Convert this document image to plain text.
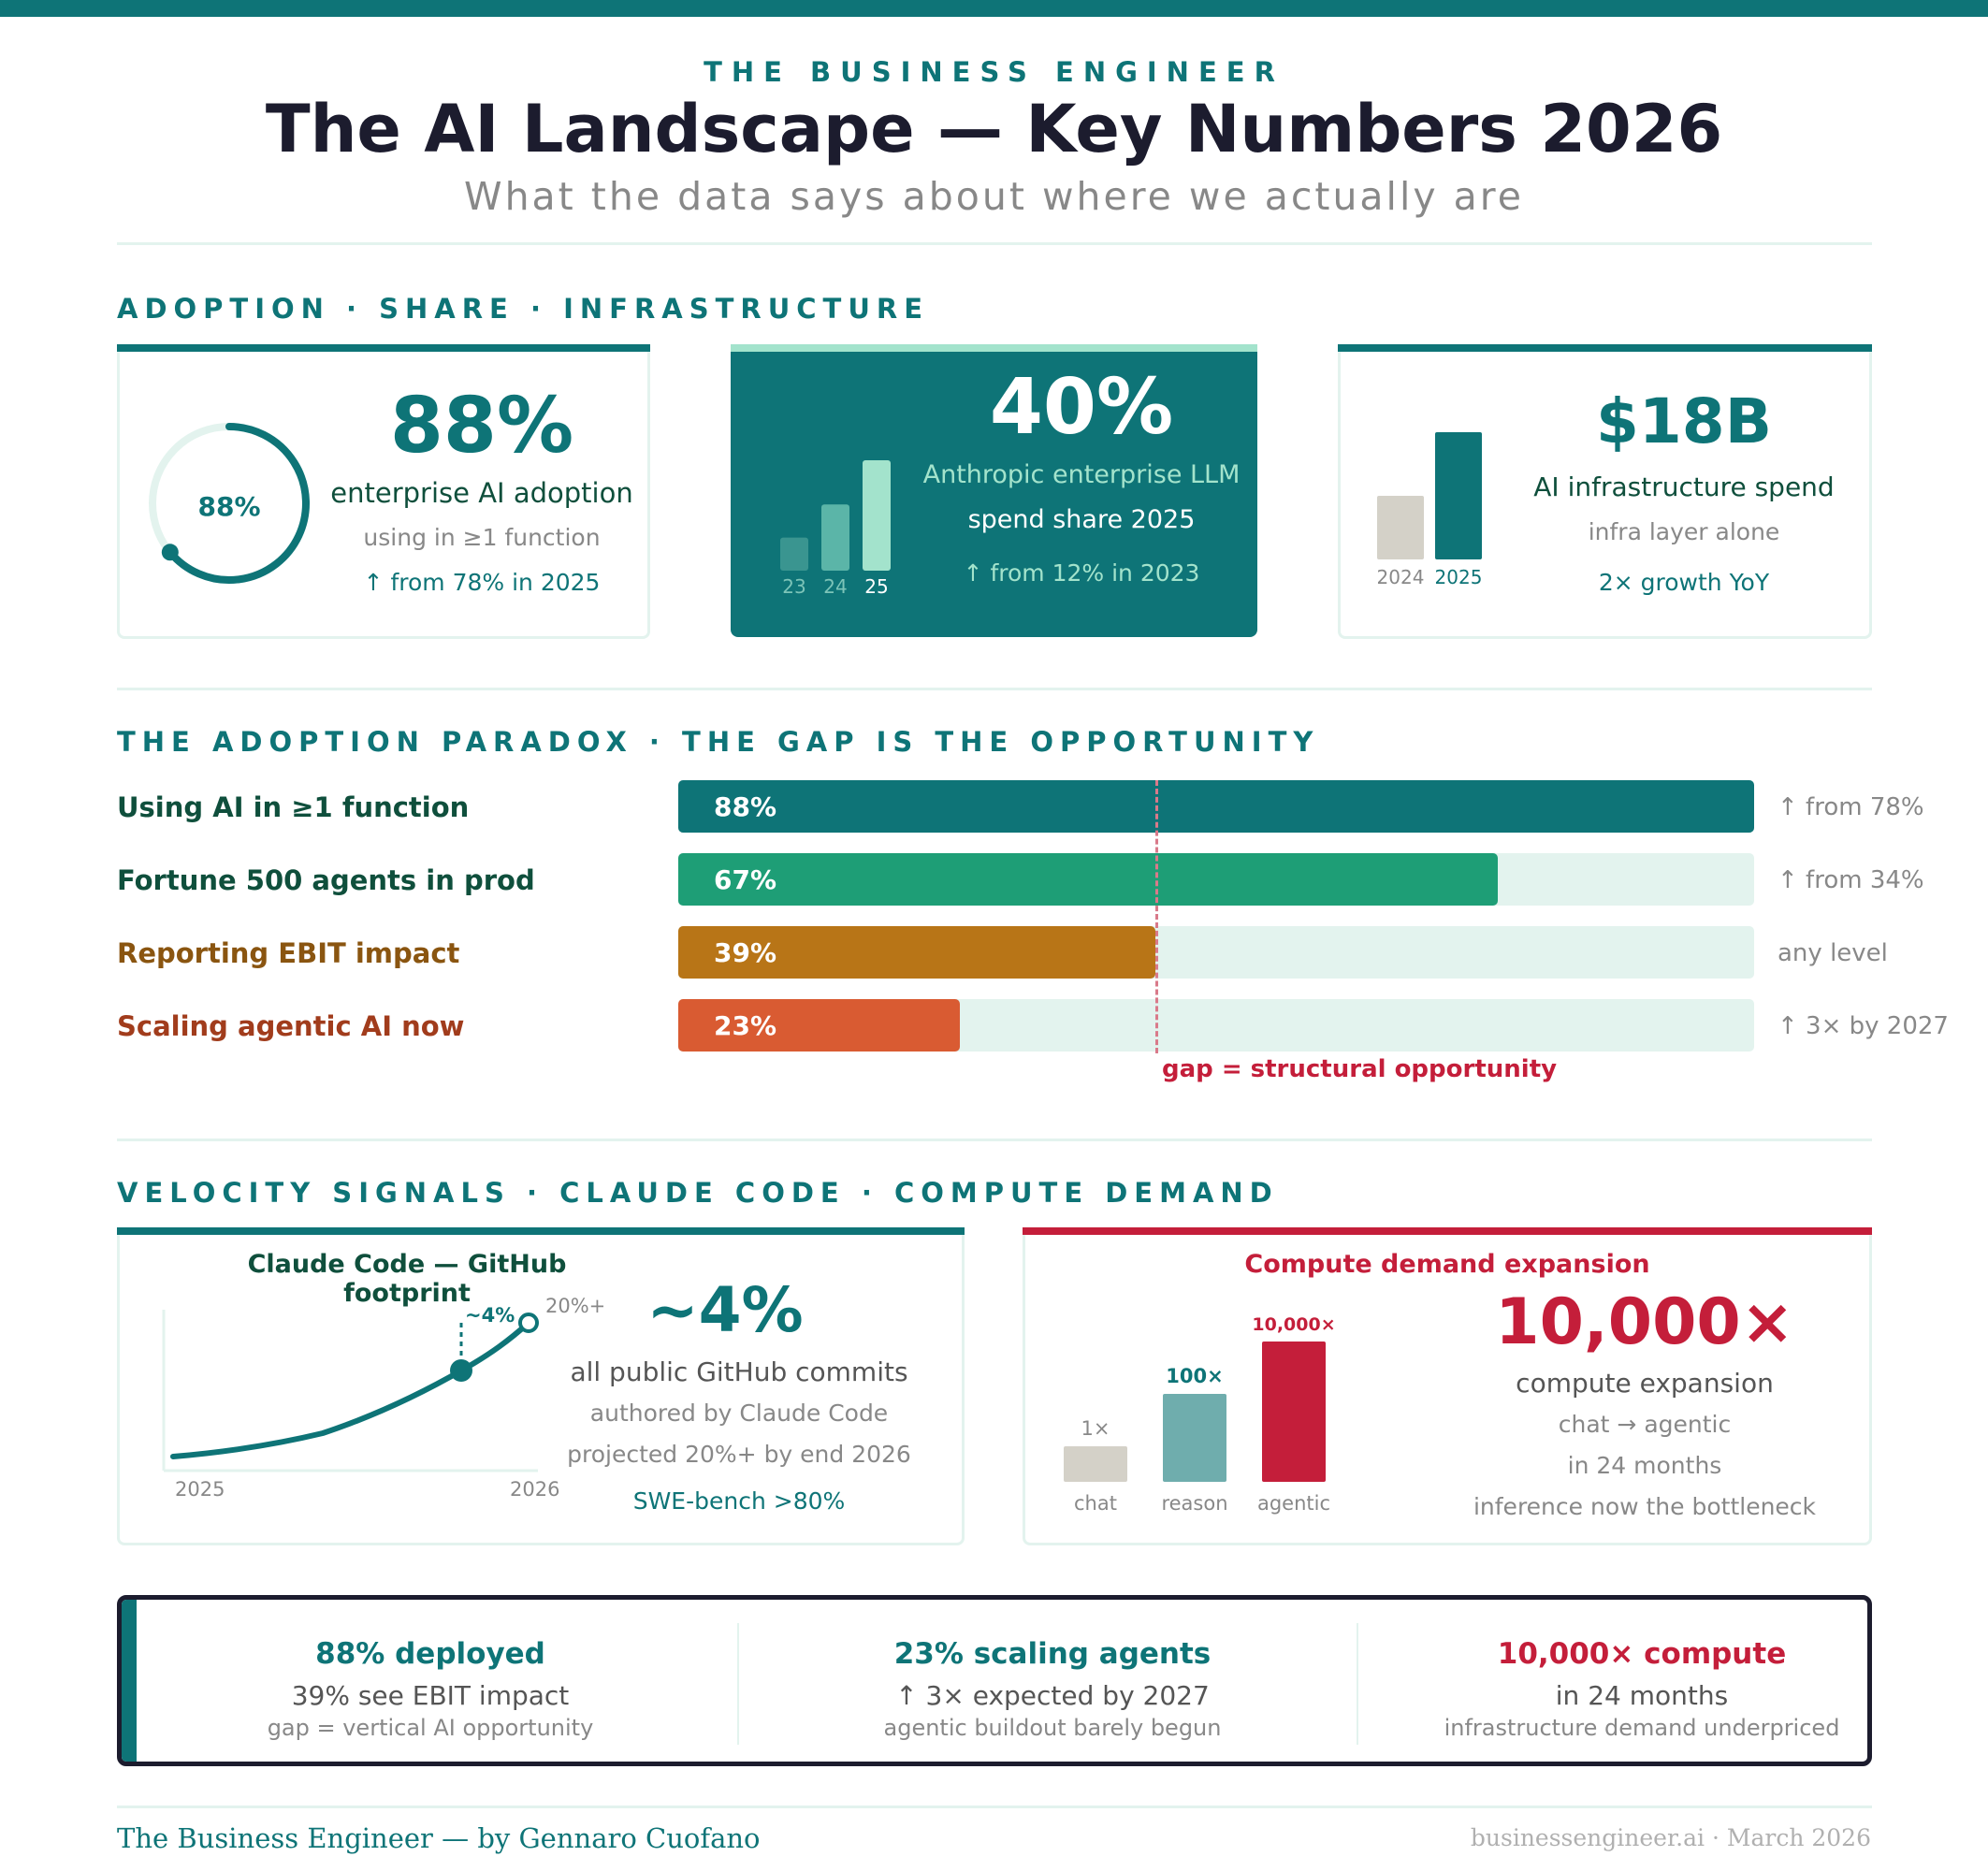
THE BUSINESS ENGINEER
The AI Landscape — Key Numbers 2026
What the data says about where we actually are
ADOPTION · SHARE · INFRASTRUCTURE
88%
88%
enterprise AI adoption
using in ≥1 function
↑ from 78% in 2025	23 24 25
40%
Anthropic enterprise LLM
spend share 2025
↑ from 12% in 2023	2024 2025
$18B
AI infrastructure spend
infra layer alone
2× growth YoY
THE ADOPTION PARADOX · THE GAP IS THE OPPORTUNITY
Using AI in ≥1 function	88%	↑ from 78%
Fortune 500 agents in prod	67%	↑ from 34%
Reporting EBIT impact	39%	any level
Scaling agentic AI now	23%	↑ 3× by 2027
gap = structural opportunity
VELOCITY SIGNALS · CLAUDE CODE · COMPUTE DEMAND
Claude Code — GitHub footprint
~4% 20%+
2025	2026
~4%
all public GitHub commits
authored by Claude Code
projected 20%+ by end 2026
SWE-bench >80%
Compute demand expansion
1×
chat
100×
reason
10,000×
agentic
10,000×
compute expansion
chat → agentic
in 24 months
inference now the bottleneck
88% deployed
39% see EBIT impact
gap = vertical AI opportunity
23% scaling agents
↑ 3× expected by 2027
agentic buildout barely begun
10,000× compute
in 24 months
infrastructure demand underpriced
The Business Engineer — by Gennaro Cuofano	businessengineer.ai · March 2026
